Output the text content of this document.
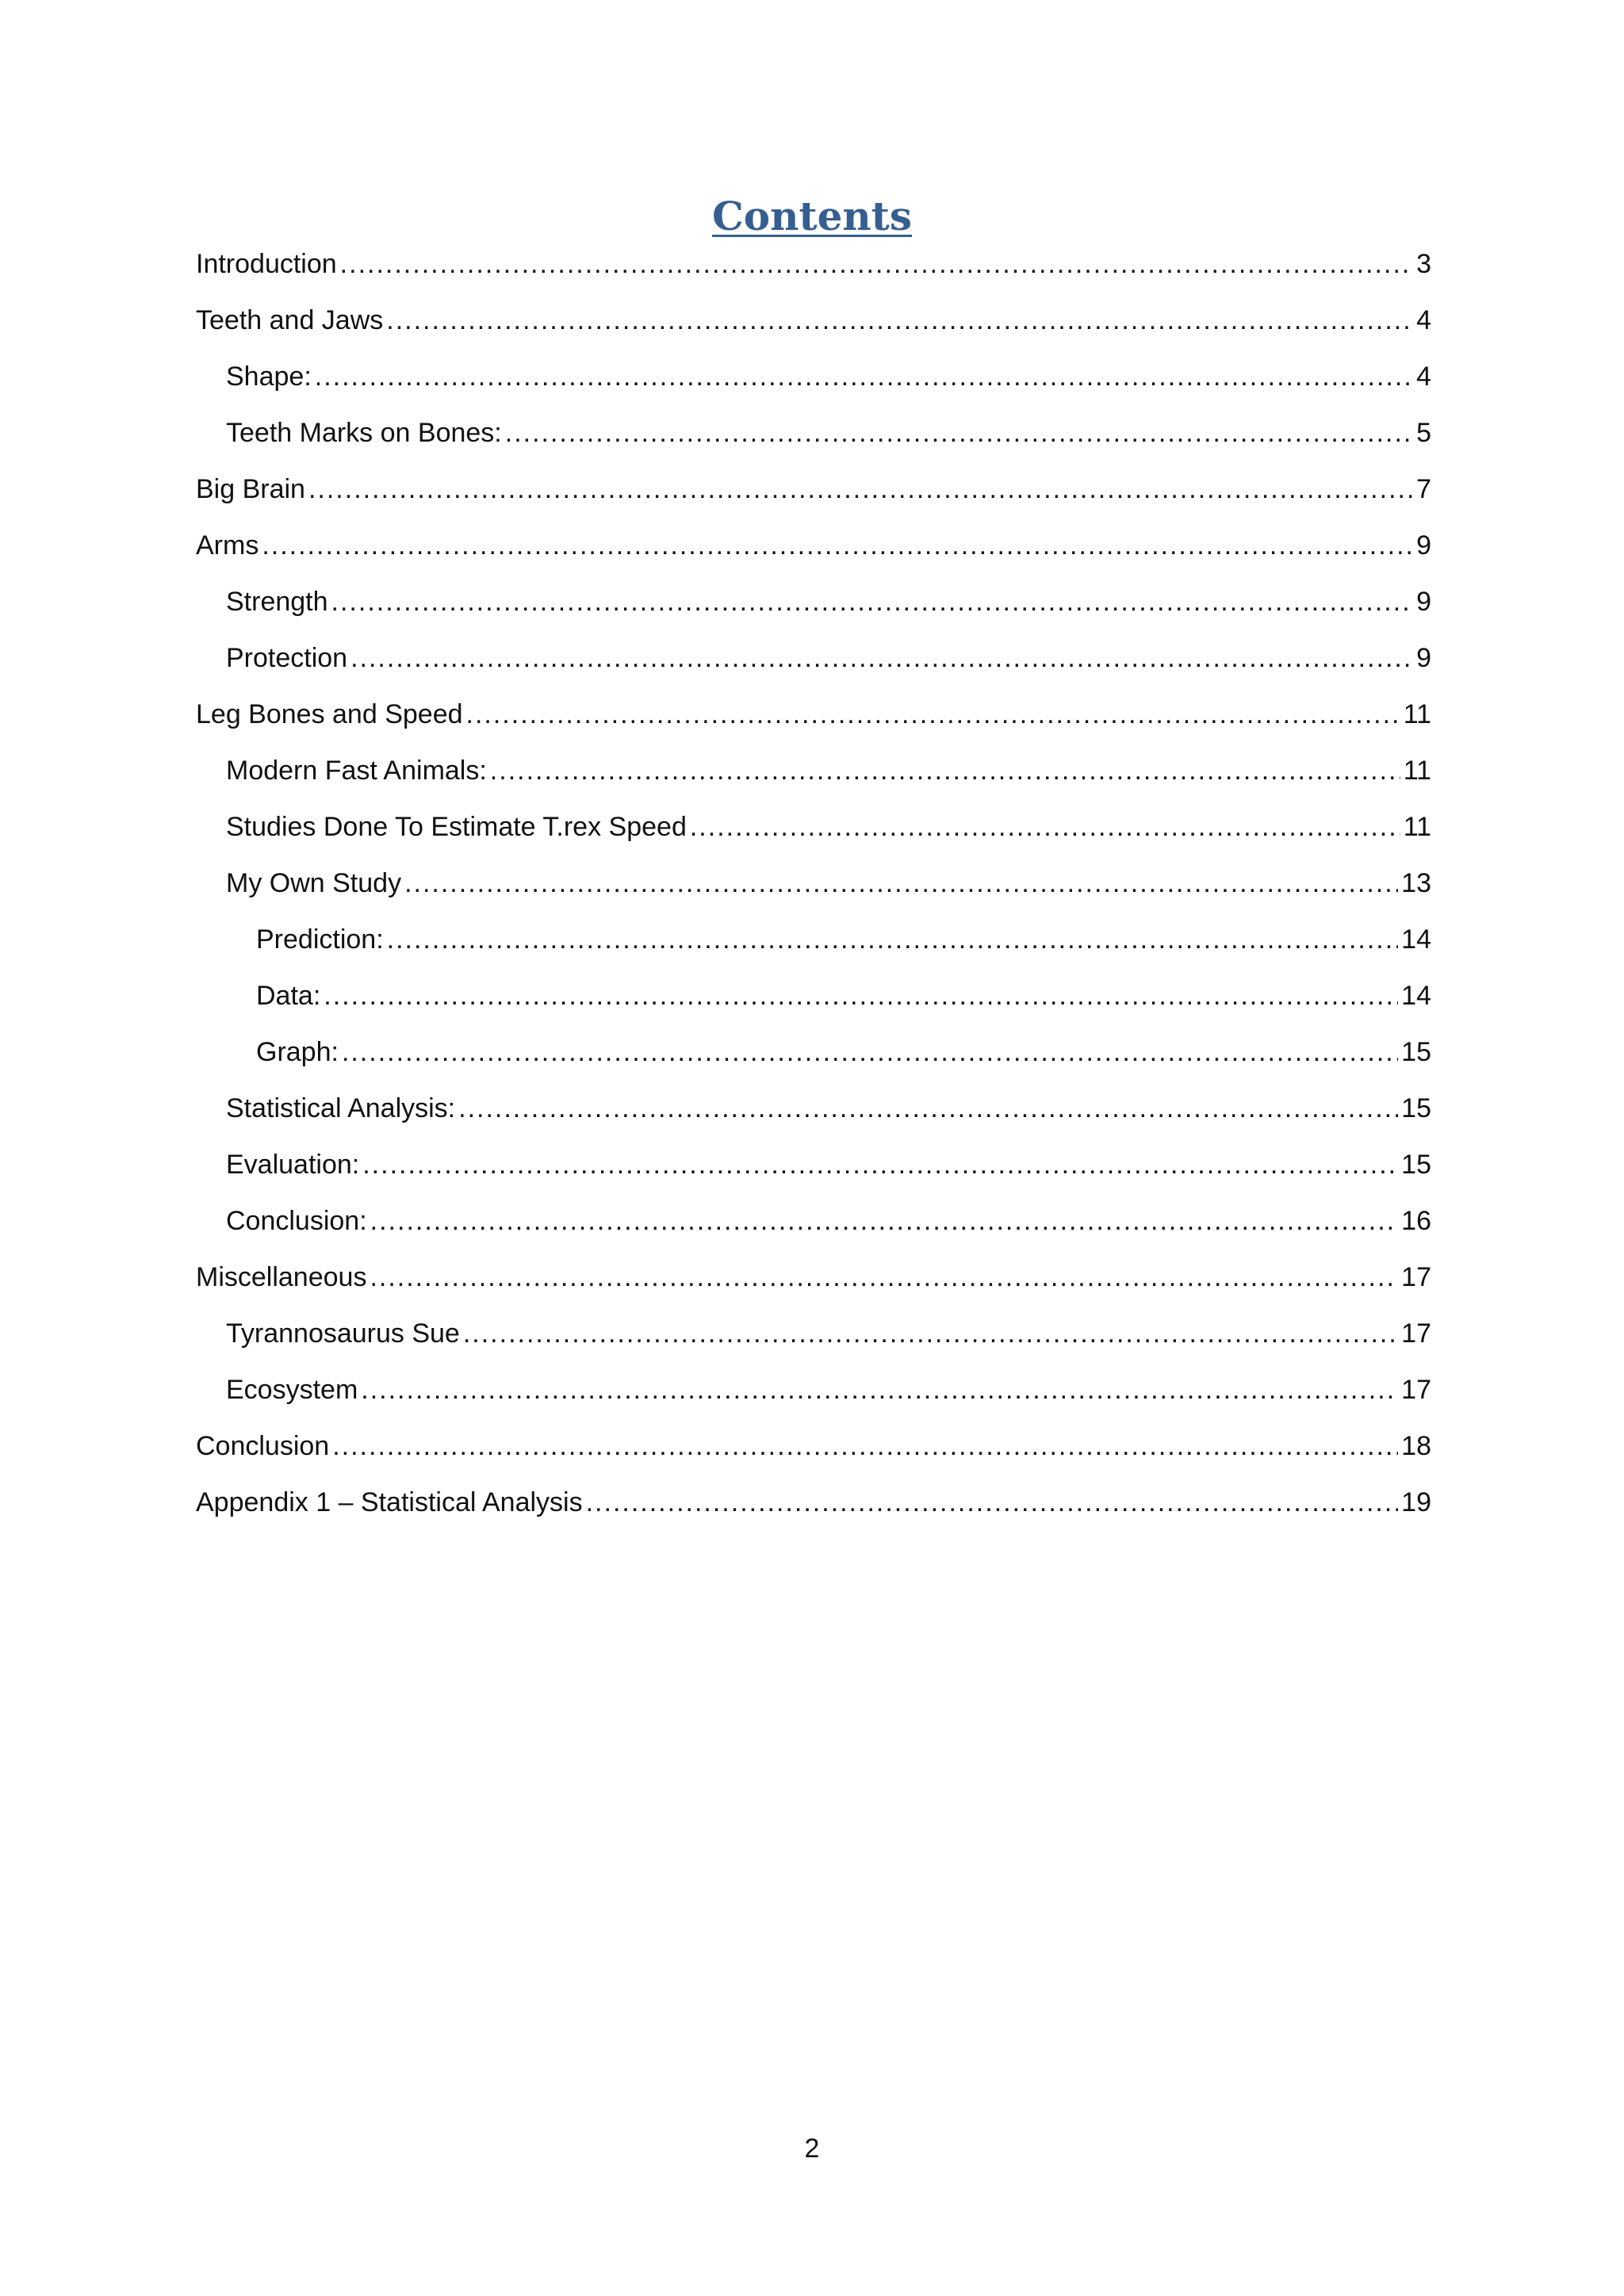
Contents
Introduction .....	3
Teeth and Jaws .....	4
Shape: .....	4
Teeth Marks on Bones: .....	5
Big Brain .....	7
Arms .....	9
Strength .....	9
Protection .....	9
Leg Bones and Speed .....	11
Modern Fast Animals: .....	11
Studies Done To Estimate T.rex Speed .....	11
My Own Study .....	13
Prediction: .....	14
Data: .....	14
Graph: .....	15
Statistical Analysis: .....	15
Evaluation: .....	15
Conclusion: .....	16
Miscellaneous .....	17
Tyrannosaurus Sue .....	17
Ecosystem .....	17
Conclusion .....	18
Appendix 1 – Statistical Analysis .....	19
2
